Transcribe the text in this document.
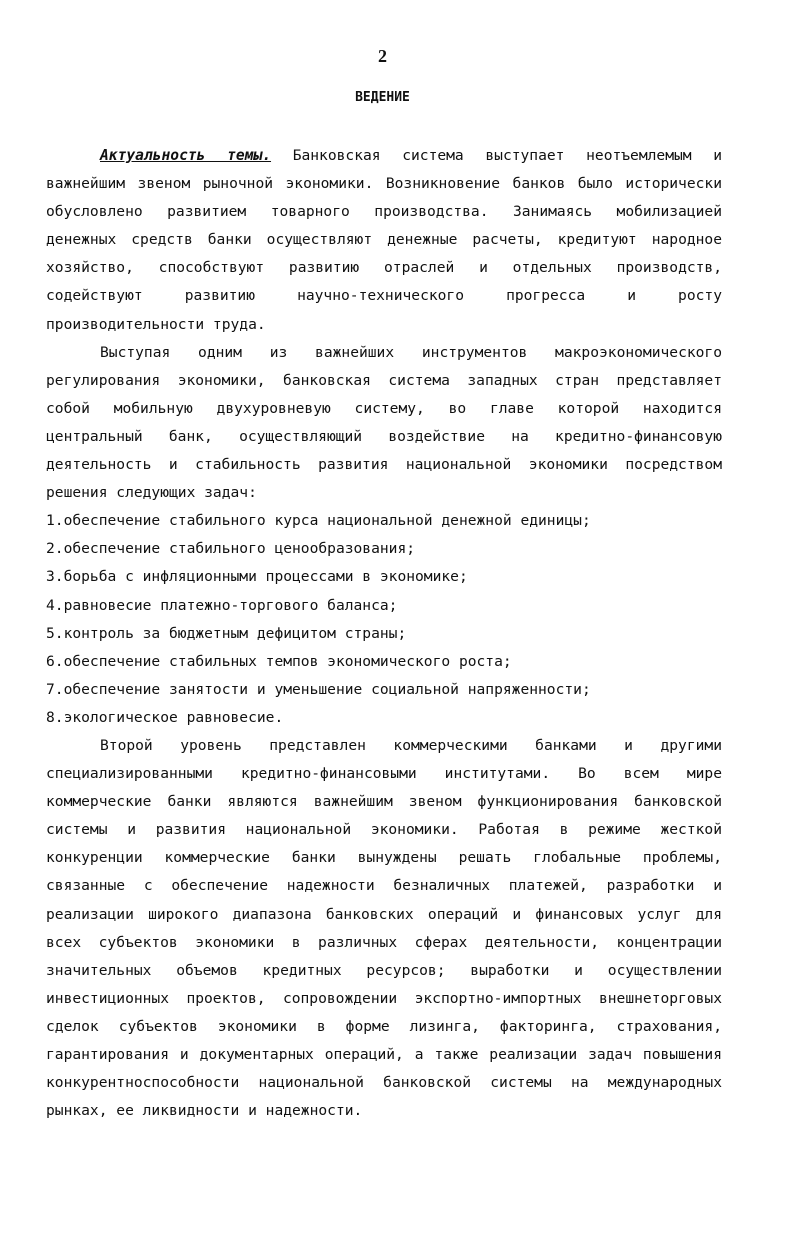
2
ВЕДЕНИЕ

Актуальность темы. Банковская система выступает неотъемлемым и важнейшим звеном рыночной экономики. Возникновение банков было исторически обусловлено развитием товарного производства. Занимаясь мобилизацией денежных средств банки осуществляют денежные расчеты, кредитуют народное хозяйство, способствуют развитию отраслей и отдельных производств, содействуют развитию научно-технического прогресса и росту производительности труда.

Выступая одним из важнейших инструментов макроэкономического регулирования экономики, банковская система западных стран представляет собой мобильную двухуровневую систему, во главе которой находится центральный банк, осуществляющий воздействие на кредитно-финансовую деятельность и стабильность развития национальной экономики посредством решения следующих задач:

1.обеспечение стабильного курса национальной денежной единицы;

2.обеспечение стабильного ценообразования;

3.борьба с инфляционными процессами в экономике;

4.равновесие платежно-торгового баланса;

5.контроль за бюджетным дефицитом страны;

6.обеспечение стабильных темпов экономического роста;

7.обеспечение занятости и уменьшение социальной напряженности;

8.экологическое равновесие.

Второй уровень представлен коммерческими банками и другими специализированными кредитно-финансовыми институтами. Во всем мире коммерческие банки являются важнейшим звеном функционирования банковской системы и развития национальной экономики. Работая в режиме жесткой конкуренции коммерческие банки вынуждены решать глобальные проблемы, связанные с обеспечение надежности безналичных платежей, разработки и реализации широкого диапазона банковских операций и финансовых услуг для всех субъектов экономики в различных сферах деятельности, концентрации значительных объемов кредитных ресурсов; выработки и осуществлении инвестиционных проектов, сопровождении экспортно-импортных внешнеторговых сделок субъектов экономики в форме лизинга, факторинга, страхования, гарантирования и документарных операций, а также реализации задач повышения конкурентноспособности национальной банковской системы на международных рынках, ее ликвидности и надежности.
